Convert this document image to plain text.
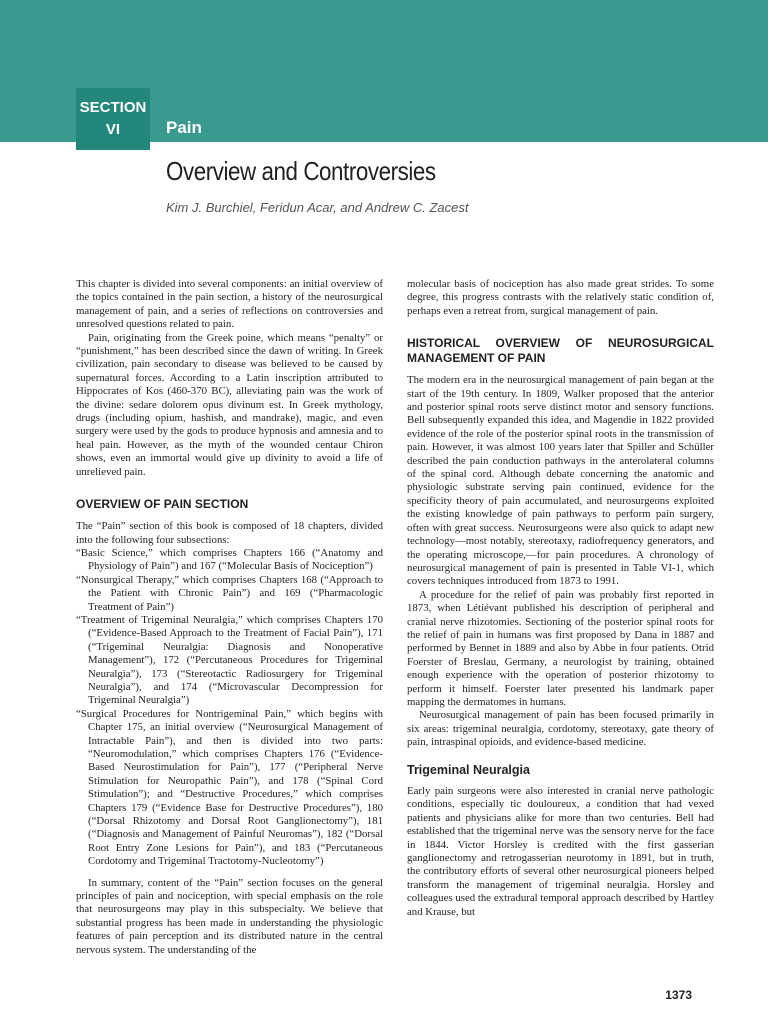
SECTION
VI	Pain
Overview and Controversies
Kim J. Burchiel, Feridun Acar, and Andrew C. Zacest

This chapter is divided into several components: an initial overview of the topics contained in the pain section, a history of the neurosurgical management of pain, and a series of reflections on controversies and unresolved questions related to pain.

Pain, originating from the Greek poine, which means “penalty” or “punishment,” has been described since the dawn of writing. In Greek civilization, pain secondary to disease was believed to be caused by supernatural forces. According to a Latin inscription attributed to Hippocrates of Kos (460-370 BC), alleviating pain was the work of the divine: sedare dolorem opus divinum est. In Greek mythology, drugs (including opium, hashish, and mandrake), magic, and even surgery were used by the gods to produce hypnosis and amnesia and to heal pain. However, as the myth of the wounded centaur Chiron shows, even an immortal would give up divinity to avoid a life of unrelieved pain.

OVERVIEW OF PAIN SECTION

The “Pain” section of this book is composed of 18 chapters, divided into the following four subsections:

“Basic Science,” which comprises Chapters 166 (“Anatomy and Physiology of Pain”) and 167 (“Molecular Basis of Nociception”)
“Nonsurgical Therapy,” which comprises Chapters 168 (“Approach to the Patient with Chronic Pain”) and 169 (“Pharmacologic Treatment of Pain”)
“Treatment of Trigeminal Neuralgia,” which comprises Chapters 170 (“Evidence-Based Approach to the Treatment of Facial Pain”), 171 (“Trigeminal Neuralgia: Diagnosis and Nonoperative Management”), 172 (“Percutaneous Procedures for Trigeminal Neuralgia”), 173 (“Stereotactic Radiosurgery for Trigeminal Neuralgia”), and 174 (“Microvascular Decompression for Trigeminal Neuralgia”)
“Surgical Procedures for Nontrigeminal Pain,” which begins with Chapter 175, an initial overview (“Neurosurgical Management of Intractable Pain”), and then is divided into two parts: “Neuromodulation,” which comprises Chapters 176 (“Evidence-Based Neurostimulation for Pain”), 177 (“Peripheral Nerve Stimulation for Neuropathic Pain”), and 178 (“Spinal Cord Stimulation”); and “Destructive Procedures,” which comprises Chapters 179 (“Evidence Base for Destructive Procedures”), 180 (“Dorsal Rhizotomy and Dorsal Root Ganglionectomy”), 181 (“Diagnosis and Management of Painful Neuromas”), 182 (“Dorsal Root Entry Zone Lesions for Pain”), and 183 (“Percutaneous Cordotomy and Trigeminal Tractotomy-Nucleotomy”)

In summary, content of the “Pain” section focuses on the general principles of pain and nociception, with special emphasis on the role that neurosurgeons may play in this subspecialty. We believe that substantial progress has been made in understanding the physiologic features of pain perception and its distributed nature in the central nervous system. The understanding of the

molecular basis of nociception has also made great strides. To some degree, this progress contrasts with the relatively static condition of, perhaps even a retreat from, surgical management of pain.

HISTORICAL OVERVIEW OF NEUROSURGICAL MANAGEMENT OF PAIN

The modern era in the neurosurgical management of pain began at the start of the 19th century. In 1809, Walker proposed that the anterior and posterior spinal roots serve distinct motor and sensory functions. Bell subsequently expanded this idea, and Magendie in 1822 provided evidence of the role of the posterior spinal roots in the transmission of pain. However, it was almost 100 years later that Spiller and Schüller described the pain conduction pathways in the anterolateral columns of the spinal cord. Although debate concerning the anatomic and physiologic substrate serving pain continued, evidence for the specificity theory of pain accumulated, and neurosurgeons exploited the existing knowledge of pain pathways to perform pain surgery, often with great success. Neurosurgeons were also quick to adapt new technology—most notably, stereotaxy, radiofrequency generators, and the operating microscope,—for pain procedures. A chronology of neurosurgical management of pain is presented in Table VI-1, which covers techniques introduced from 1873 to 1991.

A procedure for the relief of pain was probably first reported in 1873, when Létiévant published his description of peripheral and cranial nerve rhizotomies. Sectioning of the posterior spinal roots for the relief of pain in humans was first proposed by Dana in 1887 and performed by Bennet in 1889 and also by Abbe in four patients. Otrid Foerster of Breslau, Germany, a neurologist by training, obtained enough experience with the operation of posterior rhizotomy to perform it himself. Foerster later presented his landmark paper mapping the dermatomes in humans.

Neurosurgical management of pain has been focused primarily in six areas: trigeminal neuralgia, cordotomy, stereotaxy, gate theory of pain, intraspinal opioids, and evidence-based medicine.

Trigeminal Neuralgia

Early pain surgeons were also interested in cranial nerve pathologic conditions, especially tic douloureux, a condition that had vexed patients and physicians alike for more than two centuries. Bell had established that the trigeminal nerve was the sensory nerve for the face in 1844. Victor Horsley is credited with the first gasserian ganglionectomy and retrogasserian neurotomy in 1891, but in truth, the contributory efforts of several other neurosurgical pioneers helped transform the management of trigeminal neuralgia. Horsley and colleagues used the extradural temporal approach described by Hartley and Krause, but

1373
